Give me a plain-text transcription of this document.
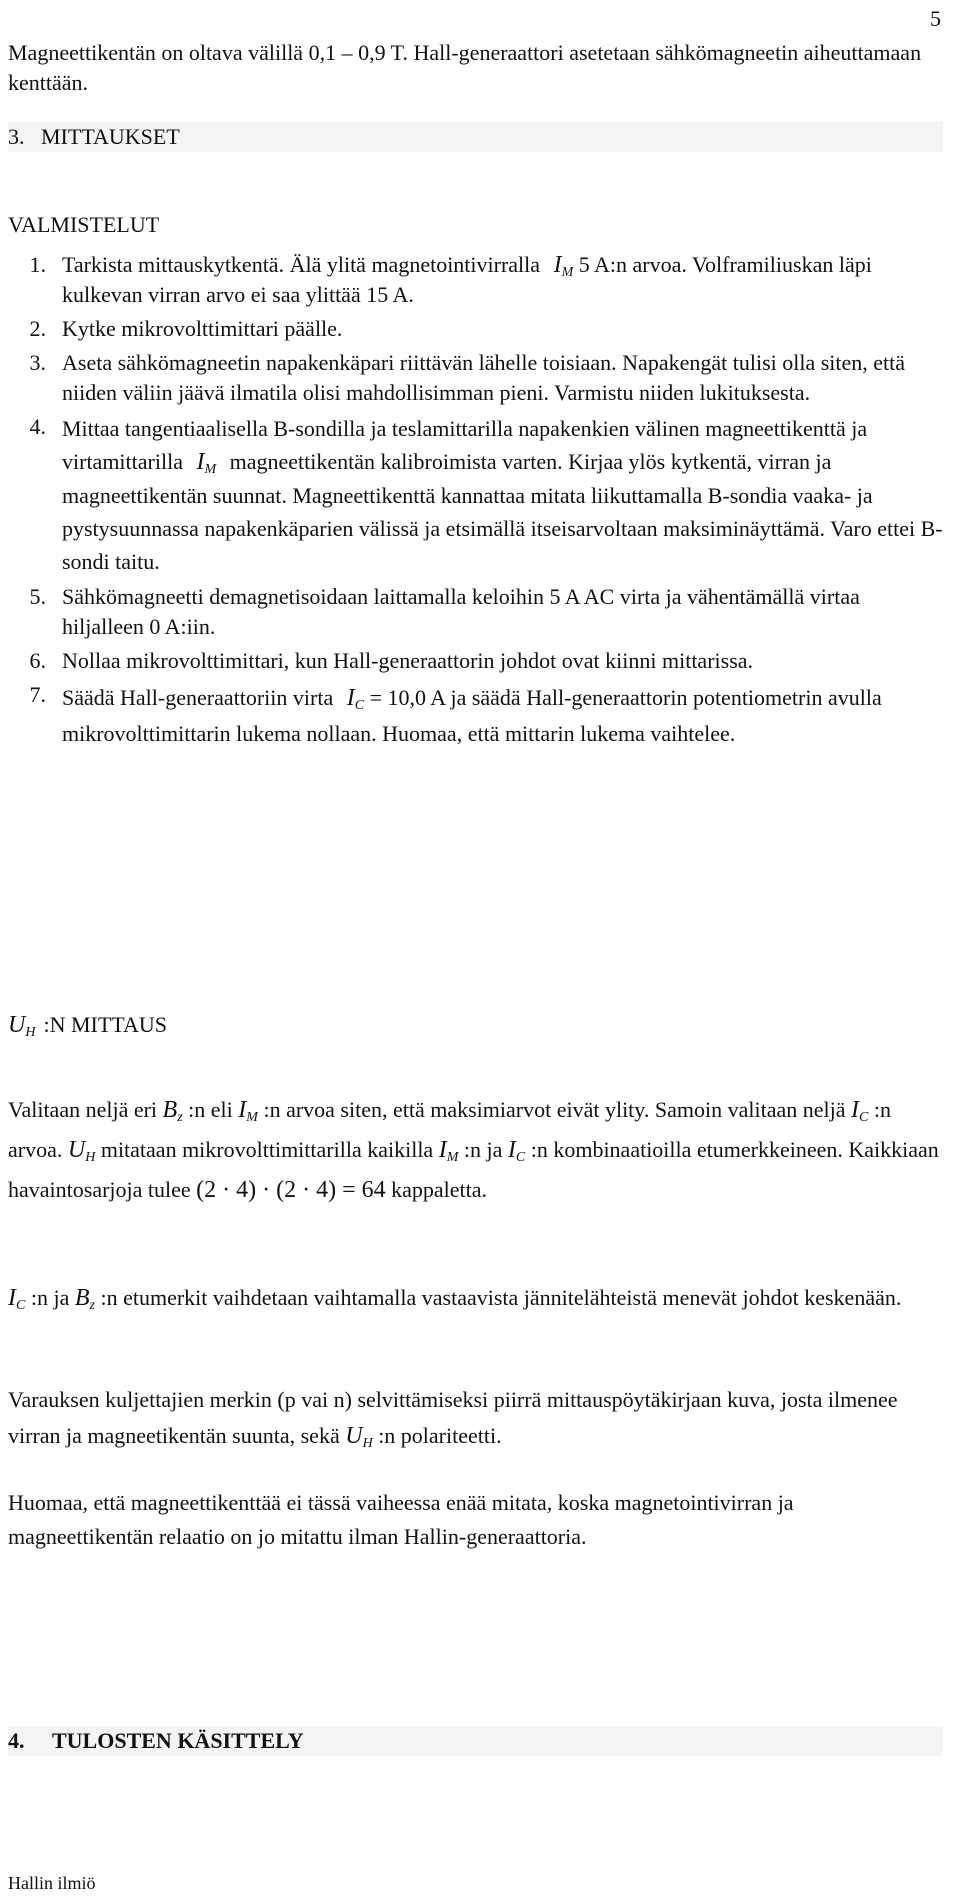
5

Magneettikentän on oltava välillä 0,1 – 0,9 T. Hall-generaattori asetetaan sähkömagneetin aiheuttamaan kenttään.

3.   MITTAUKSET

VALMISTELUT

1. Tarkista mittauskytkentä. Älä ylitä magnetointivirralla $I_M$ 5 A:n arvoa. Volframiliuskan läpi kulkevan virran arvo ei saa ylittää 15 A.
2. Kytke mikrovolttimittari päälle.
3. Aseta sähkömagneetin napakenkäpari riittävän lähelle toisiaan. Napakengät tulisi olla siten, että niiden väliin jäävä ilmatila olisi mahdollisimman pieni. Varmistu niiden lukituksesta.
4. Mittaa tangentiaalisella B-sondilla ja teslamittarilla napakenkien välinen magneettikenttä ja virtamittarilla $I_M$ magneettikentän kalibroimista varten. Kirjaa ylös kytkentä, virran ja magneettikentän suunnat. Magneettikenttä kannattaa mitata liikuttamalla B-sondia vaaka- ja pystysuunnassa napakenkäparien välissä ja etsimällä itseisarvoltaan maksiminäyttämä. Varo ettei B-sondi taitu.
5. Sähkömagneetti demagnetisoidaan laittamalla keloihin 5 A AC virta ja vähentämällä virtaa hiljalleen 0 A:iin.
6. Nollaa mikrovolttimittari, kun Hall-generaattorin johdot ovat kiinni mittarissa.
7. Säädä Hall-generaattoriin virta $I_C = 10,0$ A ja säädä Hall-generaattorin potentiometrin avulla mikrovolttimittarin lukema nollaan. Huomaa, että mittarin lukema vaihtelee.

$U_H$ :N MITTAUS

Valitaan neljä eri $B_z$ :n eli $I_M$ :n arvoa siten, että maksimiarvot eivät ylity. Samoin valitaan neljä $I_C$ :n arvoa. $U_H$ mitataan mikrovolttimittarilla kaikilla $I_M$ :n ja $I_C$ :n kombinaatioilla etumerkkeineen. Kaikkiaan havaintosarjoja tulee (2 · 4) · (2 · 4) = 64 kappaletta.

$I_C$ :n ja $B_z$ :n etumerkit vaihdetaan vaihtamalla vastaavista jännitelähteistä menevät johdot keskenään.

Varauksen kuljettajien merkin (p vai n) selvittämiseksi piirrä mittauspöytäkirjaan kuva, josta ilmenee virran ja magneetikentän suunta, sekä $U_H$ :n polariteetti.

Huomaa, että magneettikenttää ei tässä vaiheessa enää mitata, koska magnetointivirran ja magneettikentän relaatio on jo mitattu ilman Hallin-generaattoria.

4.     TULOSTEN KÄSITTELY

Hallin ilmiö
